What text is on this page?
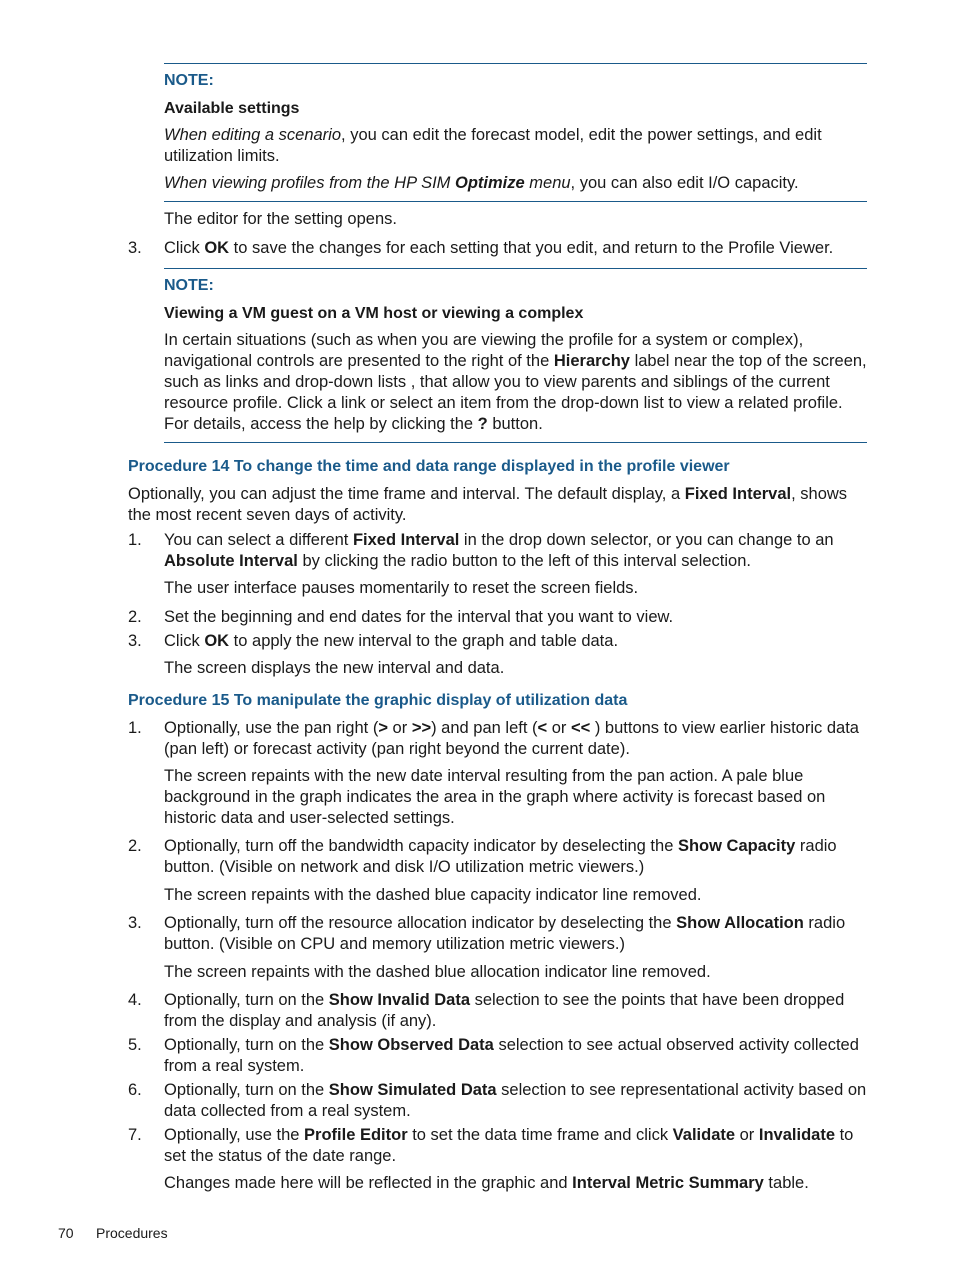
NOTE:
Available settings
When editing a scenario, you can edit the forecast model, edit the power settings, and edit utilization limits.
When viewing profiles from the HP SIM Optimize menu, you can also edit I/O capacity.
The editor for the setting opens.
3.	Click OK to save the changes for each setting that you edit, and return to the Profile Viewer.
NOTE:
Viewing a VM guest on a VM host or viewing a complex
In certain situations (such as when you are viewing the profile for a system or complex), navigational controls are presented to the right of the Hierarchy label near the top of the screen, such as links and drop-down lists , that allow you to view parents and siblings of the current resource profile. Click a link or select an item from the drop-down list to view a related profile. For details, access the help by clicking the ? button.
Procedure 14 To change the time and data range displayed in the profile viewer
Optionally, you can adjust the time frame and interval. The default display, a Fixed Interval, shows the most recent seven days of activity.
1.	You can select a different Fixed Interval in the drop down selector, or you can change to an Absolute Interval by clicking the radio button to the left of this interval selection.
The user interface pauses momentarily to reset the screen fields.
2.	Set the beginning and end dates for the interval that you want to view.
3.	Click OK to apply the new interval to the graph and table data.
The screen displays the new interval and data.
Procedure 15 To manipulate the graphic display of utilization data
1.	Optionally, use the pan right (> or >>) and pan left (< or << ) buttons to view earlier historic data (pan left) or forecast activity (pan right beyond the current date).
The screen repaints with the new date interval resulting from the pan action. A pale blue background in the graph indicates the area in the graph where activity is forecast based on historic data and user-selected settings.
2.	Optionally, turn off the bandwidth capacity indicator by deselecting the Show Capacity radio button. (Visible on network and disk I/O utilization metric viewers.)
The screen repaints with the dashed blue capacity indicator line removed.
3.	Optionally, turn off the resource allocation indicator by deselecting the Show Allocation radio button. (Visible on CPU and memory utilization metric viewers.)
The screen repaints with the dashed blue allocation indicator line removed.
4.	Optionally, turn on the Show Invalid Data selection to see the points that have been dropped from the display and analysis (if any).
5.	Optionally, turn on the Show Observed Data selection to see actual observed activity collected from a real system.
6.	Optionally, turn on the Show Simulated Data selection to see representational activity based on data collected from a real system.
7.	Optionally, use the Profile Editor to set the data time frame and click Validate or Invalidate to set the status of the date range.
Changes made here will be reflected in the graphic and Interval Metric Summary table.
70 Procedures
